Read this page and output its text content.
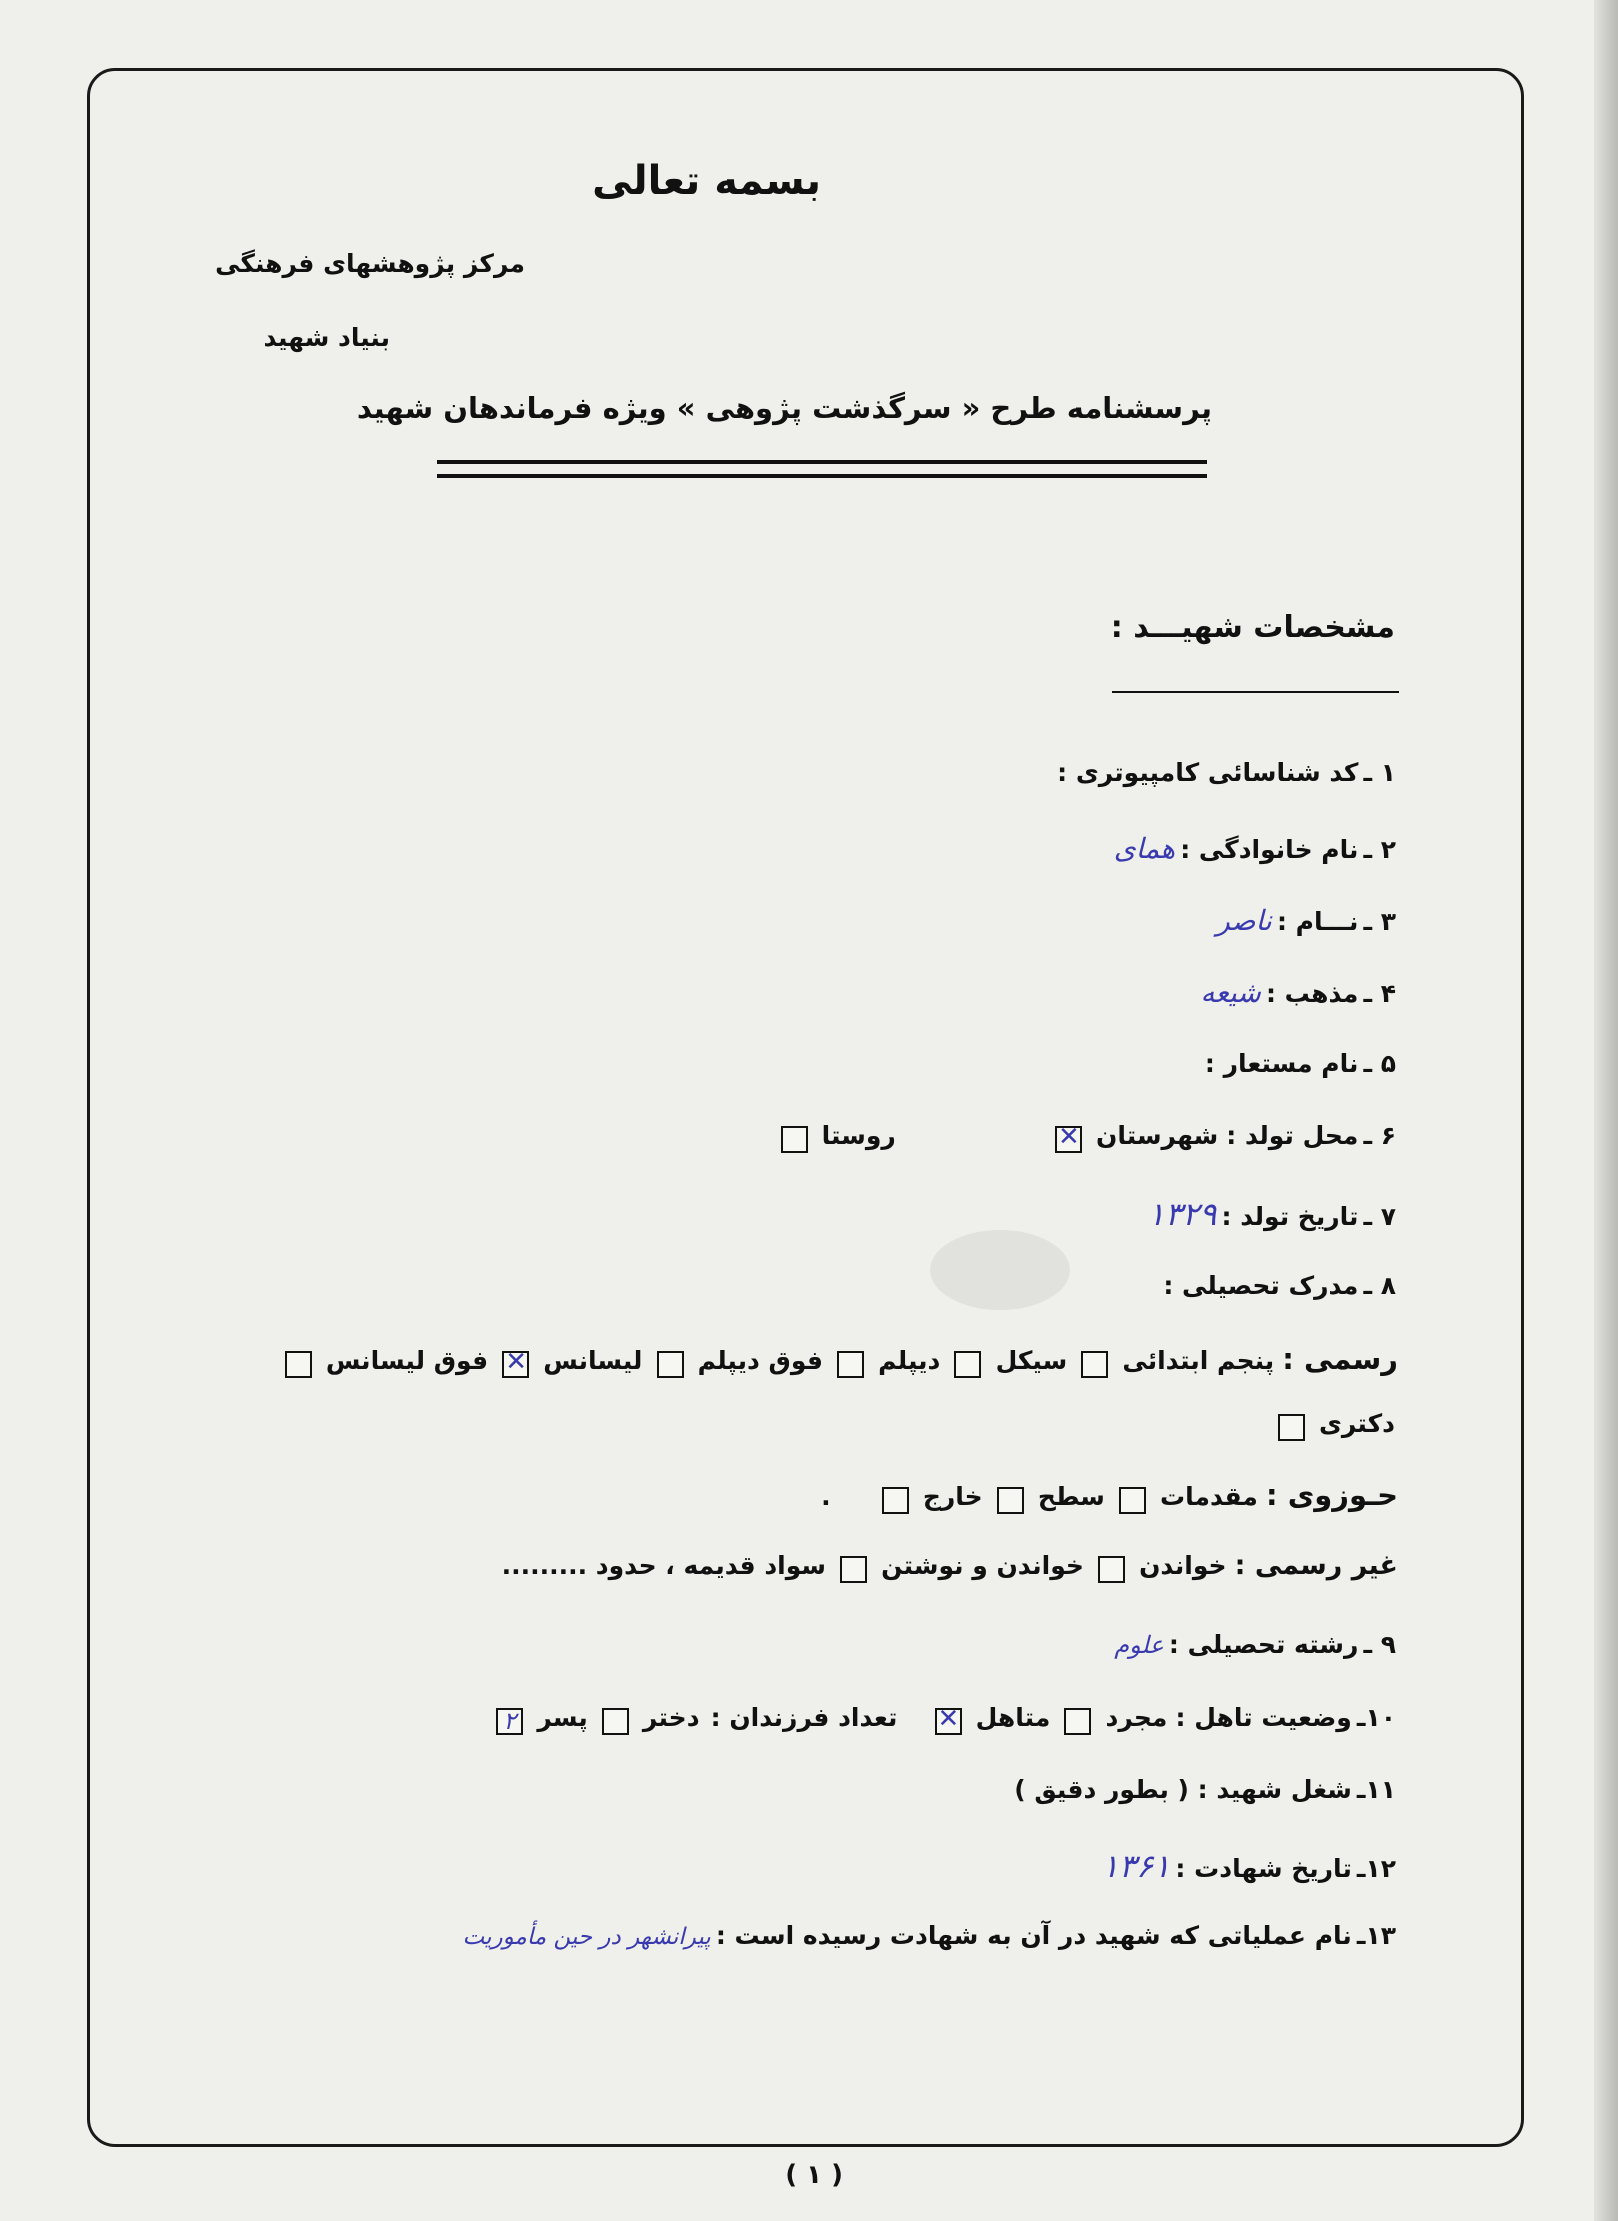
بسمه تعالی
مرکز پژوهشهای فرهنگی
بنیاد شهید
پرسشنامه طرح « سرگذشت پژوهی » ویژه فرماندهان شهید
مشخصات شهیـــد :
۱ ـ کد شناسائی کامپیوتری :
۲ ـ نام خانوادگی : هماى
۳ ـ نـــام : ناصر
۴ ـ مذهب : شیعه
۵ ـ نام مستعار :
۶ ـ محل تولد : شهرستان ✕  روستا
۷ ـ تاریخ تولد : ۱۳۲۹
۸ ـ مدرک تحصیلی :
رسمی : پنجم ابتدائی  سیکل  دیپلم  فوق دیپلم  لیسانس ✕ فوق لیسانس
دکتری
حـوزوی : مقدمات  سطح  خارج  .
غیر رسمی : خواندن  خواندن و نوشتن  سواد قدیمه ، حدود .........
۹ ـ رشته تحصیلی : علوم
۱۰ـ وضعیت تاهل : مجرد  متاهل ✕ تعداد فرزندان : دختر  پسر ۲
۱۱ـ شغل شهید : ( بطور دقیق )
۱۲ـ تاریخ شهادت : ۱۳۶۱
۱۳ـ نام عملیاتی که شهید در آن به شهادت رسیده است : پیرانشهر در حین مأموریت
( ۱ )
